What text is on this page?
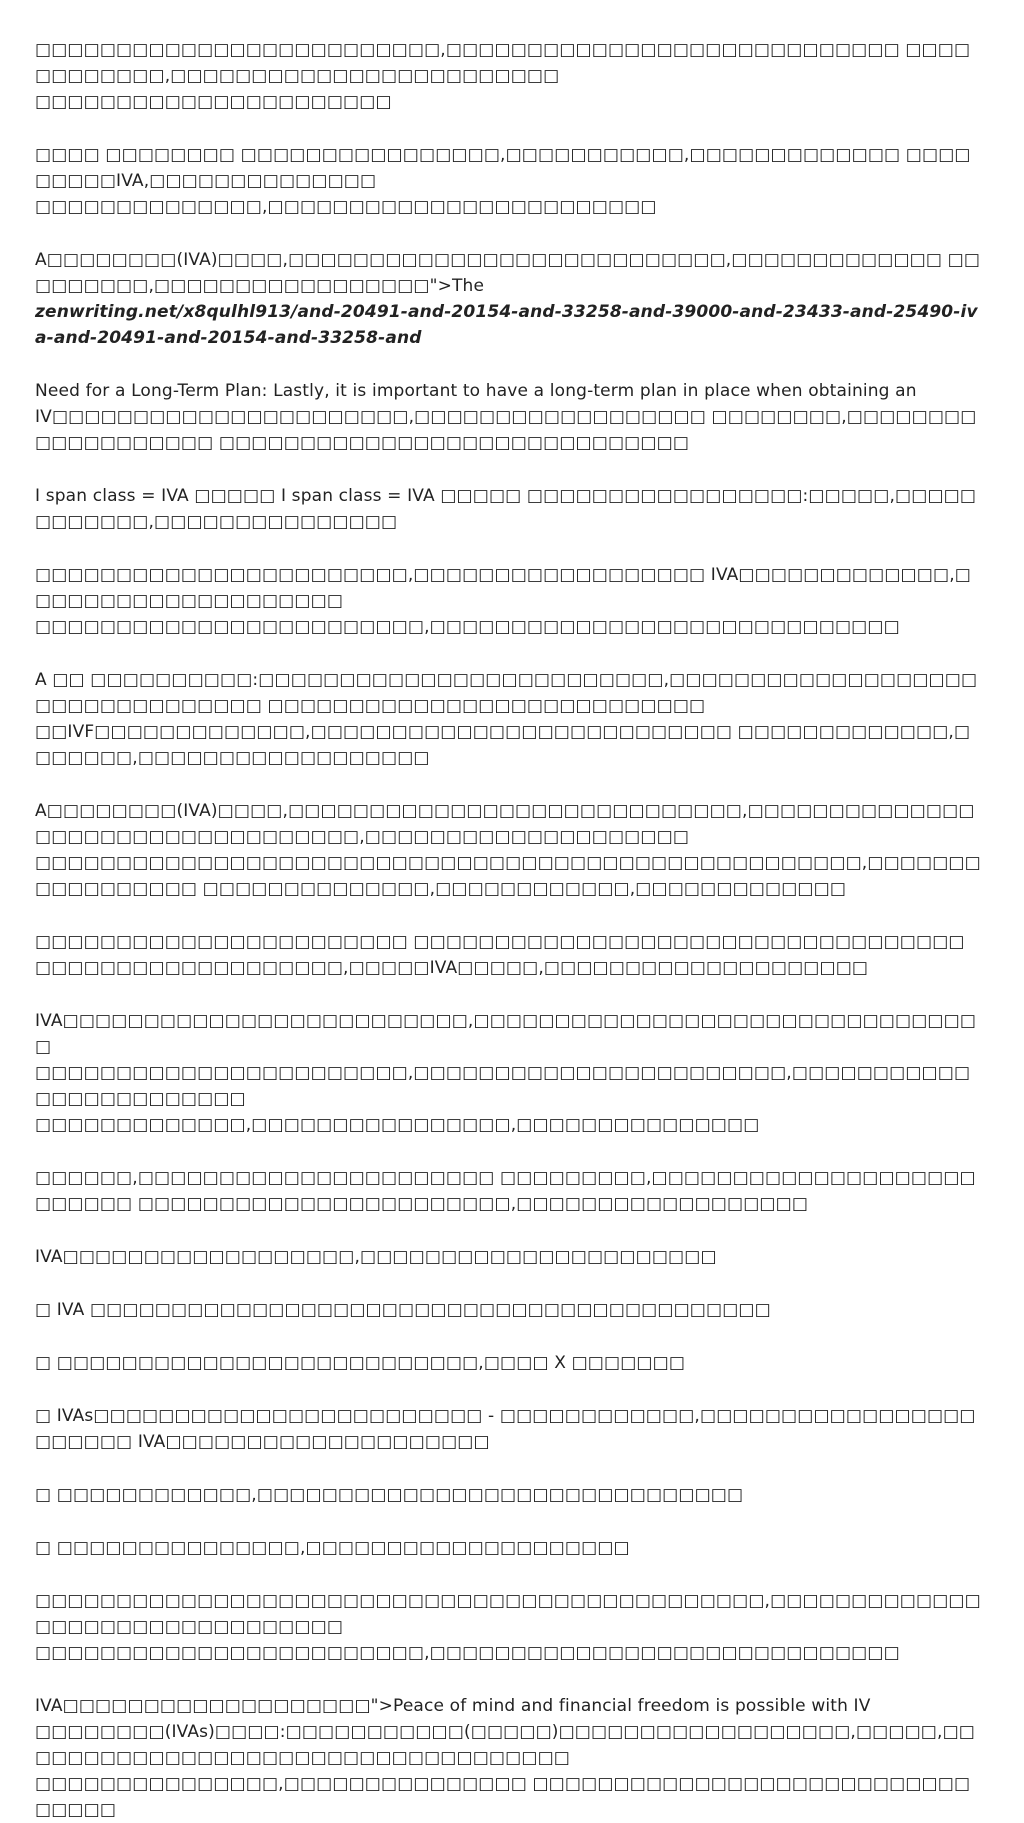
□□□□□□□□□□□□□□□□□□□□□□□□□,□□□□□□□□□□□□□□□□□□□□□□□□□□□□ □□□□□□□□□□□□,□□□□□□□□□□□□□□□□□□□□□□□□
□□□□□□□□□□□□□□□□□□□□□□

□□□□ □□□□□□□□ □□□□□□□□□□□□□□□□,□□□□□□□□□□□,□□□□□□□□□□□□□ □□□□□□□□□IVA,□□□□□□□□□□□□□□
□□□□□□□□□□□□□□,□□□□□□□□□□□□□□□□□□□□□□□□

A□□□□□□□□(IVA)□□□□,□□□□□□□□□□□□□□□□□□□□□□□□□□□,□□□□□□□□□□□□□ □□□□□□□□□,□□□□□□□□□□□□□□□□□">The
zenwriting.net/x8qulhl913/and-20491-and-20154-and-33258-and-39000-and-23433-and-25490-iva-and-20491-and-20154-and-33258-and

Need for a Long-Term Plan: Lastly, it is important to have a long-term plan in place when obtaining an
IV□□□□□□□□□□□□□□□□□□□□□□,□□□□□□□□□□□□□□□□□□ □□□□□□□□,□□□□□□□□□□□□□□□□□□□ □□□□□□□□□□□□□□□□□□□□□□□□□□□□□

I span class = IVA □□□□□ I span class = IVA □□□□□ □□□□□□□□□□□□□□□□□:□□□□□,□□□□□□□□□□□□,□□□□□□□□□□□□□□□

□□□□□□□□□□□□□□□□□□□□□□□,□□□□□□□□□□□□□□□□□□ IVA□□□□□□□□□□□□□,□□□□□□□□□□□□□□□□□□□□
□□□□□□□□□□□□□□□□□□□□□□□□,□□□□□□□□□□□□□□□□□□□□□□□□□□□□□

A □□ □□□□□□□□□□:□□□□□□□□□□□□□□□□□□□□□□□□□,□□□□□□□□□□□□□□□□□□□□□□□□□□□□□□□□□ □□□□□□□□□□□□□□□□□□□□□□□□□□□
□□IVF□□□□□□□□□□□□□,□□□□□□□□□□□□□□□□□□□□□□□□□□ □□□□□□□□□□□□□,□□□□□□□,□□□□□□□□□□□□□□□□□□

A□□□□□□□□(IVA)□□□□,□□□□□□□□□□□□□□□□□□□□□□□□□□□□,□□□□□□□□□□□□□□ □□□□□□□□□□□□□□□□□□□□,□□□□□□□□□□□□□□□□□□□□
□□□□□□□□□□□□□□□□□□□□□□□□□□□□□□□□□□□□□□□□□□□□□□□□□□□,□□□□□□□□□□□□□□□□□ □□□□□□□□□□□□□□,□□□□□□□□□□□□,□□□□□□□□□□□□□

□□□□□□□□□□□□□□□□□□□□□□□ □□□□□□□□□□□□□□□□□□□□□□□□□□□□□□□□□□ □□□□□□□□□□□□□□□□□□□,□□□□□IVA□□□□□,□□□□□□□□□□□□□□□□□□□□

IVA□□□□□□□□□□□□□□□□□□□□□□□□□,□□□□□□□□□□□□□□□□□□□□□□□□□□□□□□□□
□□□□□□□□□□□□□□□□□□□□□□□,□□□□□□□□□□□□□□□□□□□□□□□,□□□□□□□□□□□□□□□□□□□□□□□□
□□□□□□□□□□□□□,□□□□□□□□□□□□□□□□,□□□□□□□□□□□□□□□

□□□□□□,□□□□□□□□□□□□□□□□□□□□□□ □□□□□□□□□,□□□□□□□□□□□□□□□□□□□□□□□□□□ □□□□□□□□□□□□□□□□□□□□□□□,□□□□□□□□□□□□□□□□□□

IVA□□□□□□□□□□□□□□□□□□,□□□□□□□□□□□□□□□□□□□□□□

□ IVA □□□□□□□□□□□□□□□□□□□□□□□□□□□□□□□□□□□□□□□□□□

□ □□□□□□□□□□□□□□□□□□□□□□□□□□,□□□□ X □□□□□□□

□ IVAs□□□□□□□□□□□□□□□□□□□□□□□□ - □□□□□□□□□□□□,□□□□□□□□□□□□□□□□□□□□□□□ IVA□□□□□□□□□□□□□□□□□□□□

□ □□□□□□□□□□□□,□□□□□□□□□□□□□□□□□□□□□□□□□□□□□□

□ □□□□□□□□□□□□□□□,□□□□□□□□□□□□□□□□□□□□

□□□□□□□□□□□□□□□□□□□□□□□□□□□□□□□□□□□□□□□□□□□□□,□□□□□□□□□□□□□□□□□□□□□□□□□□□□□□□□
□□□□□□□□□□□□□□□□□□□□□□□□,□□□□□□□□□□□□□□□□□□□□□□□□□□□□□

IVA□□□□□□□□□□□□□□□□□□□">Peace of mind and financial freedom is possible with IV
□□□□□□□□(IVAs)□□□□:□□□□□□□□□□□(□□□□□)□□□□□□□□□□□□□□□□□□,□□□□□,□□□□□□□□□□□□□□□□□□□□□□□□□□□□□□□□□□□
□□□□□□□□□□□□□□□,□□□□□□□□□□□□□□□ □□□□□□□□□□□□□□□□□□□□□□□□□□□□□□□□
